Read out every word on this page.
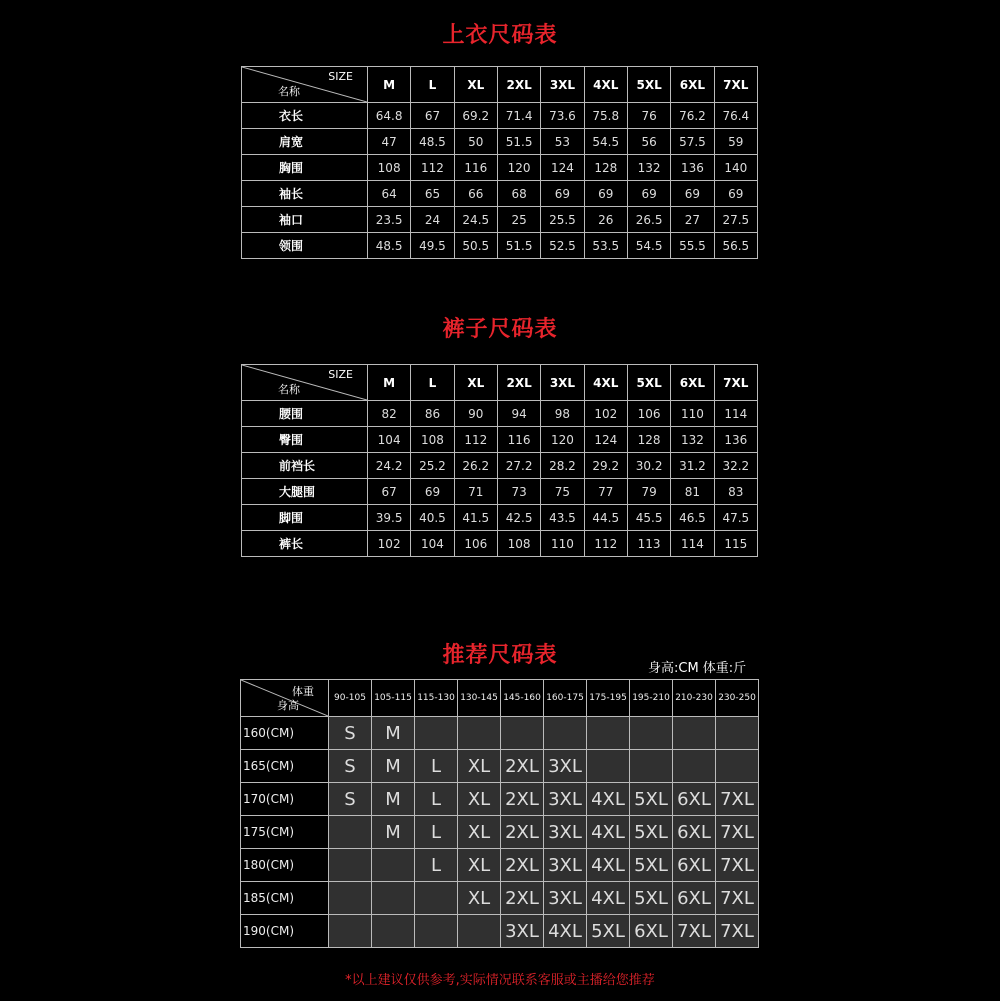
上衣尺码表
SIZE
名称	M	L	XL	2XL	3XL	4XL	5XL	6XL	7XL
衣长	64.8	67	69.2	71.4	73.6	75.8	76	76.2	76.4
肩宽	47	48.5	50	51.5	53	54.5	56	57.5	59
胸围	108	112	116	120	124	128	132	136	140
袖长	64	65	66	68	69	69	69	69	69
袖口	23.5	24	24.5	25	25.5	26	26.5	27	27.5
领围	48.5	49.5	50.5	51.5	52.5	53.5	54.5	55.5	56.5
裤子尺码表
SIZE
名称	M	L	XL	2XL	3XL	4XL	5XL	6XL	7XL
腰围	82	86	90	94	98	102	106	110	114
臀围	104	108	112	116	120	124	128	132	136
前裆长	24.2	25.2	26.2	27.2	28.2	29.2	30.2	31.2	32.2
大腿围	67	69	71	73	75	77	79	81	83
脚围	39.5	40.5	41.5	42.5	43.5	44.5	45.5	46.5	47.5
裤长	102	104	106	108	110	112	113	114	115
推荐尺码表
身高:CM 体重:斤
体重
身高	90-105	105-115	115-130	130-145	145-160	160-175	175-195	195-210	210-230	230-250
160(CM)	S	M								
165(CM)	S	M	L	XL	2XL	3XL				
170(CM)	S	M	L	XL	2XL	3XL	4XL	5XL	6XL	7XL
175(CM)		M	L	XL	2XL	3XL	4XL	5XL	6XL	7XL
180(CM)			L	XL	2XL	3XL	4XL	5XL	6XL	7XL
185(CM)				XL	2XL	3XL	4XL	5XL	6XL	7XL
190(CM)					3XL	4XL	5XL	6XL	7XL	7XL
*以上建议仅供参考,实际情况联系客服或主播给您推荐
